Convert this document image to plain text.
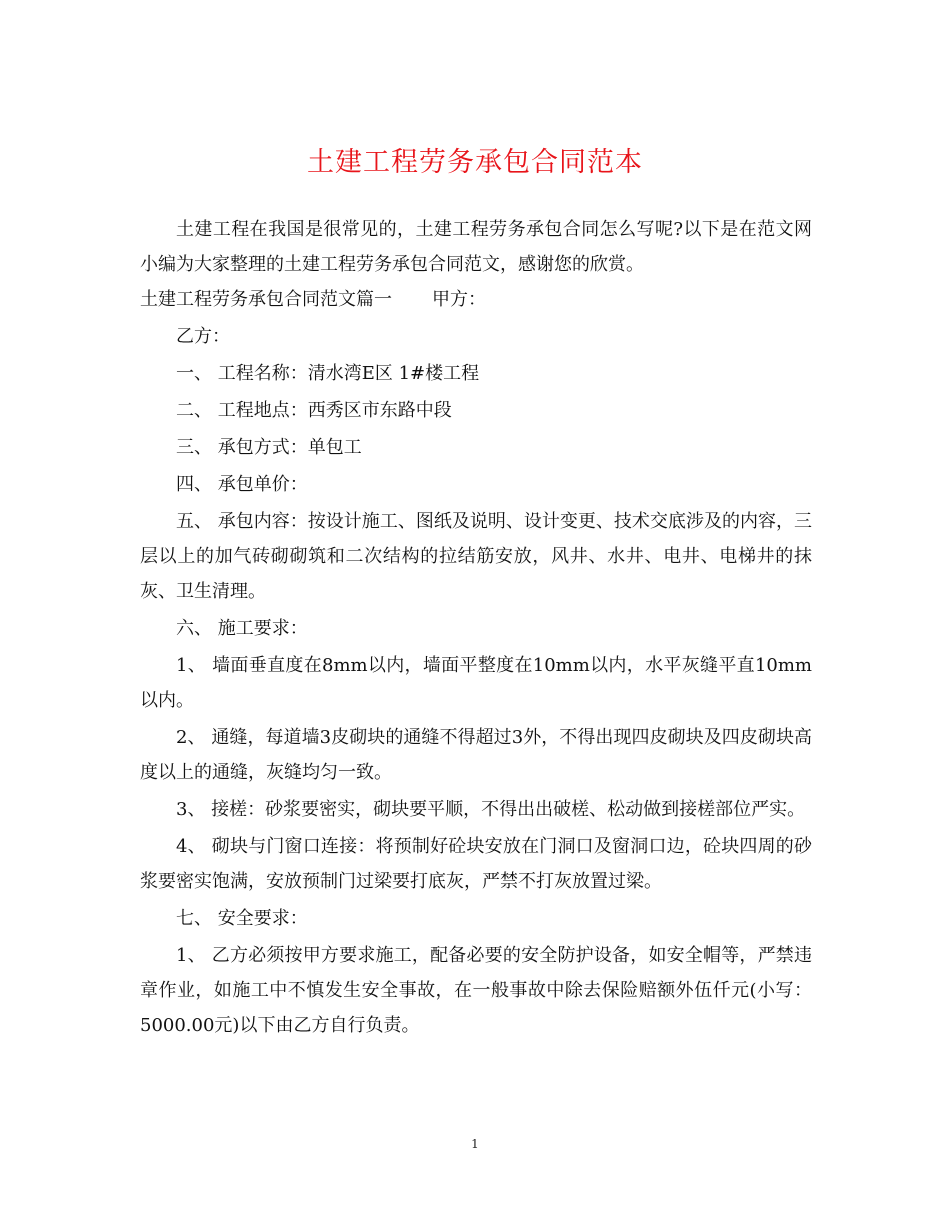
土建工程劳务承包合同范本

土建工程在我国是很常见的，土建工程劳务承包合同怎么写呢?以下是在范文网小编为大家整理的土建工程劳务承包合同范文，感谢您的欣赏。

土建工程劳务承包合同范文篇一 甲方：

乙方：

一、 工程名称：清水湾E区 1#楼工程

二、 工程地点：西秀区市东路中段

三、 承包方式：单包工

四、 承包单价：

五、 承包内容：按设计施工、图纸及说明、设计变更、技术交底涉及的内容，三层以上的加气砖砌砌筑和二次结构的拉结筋安放，风井、水井、电井、电梯井的抹灰、卫生清理。

六、 施工要求：

1、 墙面垂直度在8mm以内，墙面平整度在10mm以内，水平灰缝平直10mm以内。

2、 通缝，每道墙3皮砌块的通缝不得超过3外，不得出现四皮砌块及四皮砌块高度以上的通缝，灰缝均匀一致。

3、 接槎：砂浆要密实，砌块要平顺，不得出出破槎、松动做到接槎部位严实。

4、 砌块与门窗口连接：将预制好砼块安放在门洞口及窗洞口边，砼块四周的砂浆要密实饱满，安放预制门过梁要打底灰，严禁不打灰放置过梁。

七、 安全要求：

1、 乙方必须按甲方要求施工，配备必要的安全防护设备，如安全帽等，严禁违章作业，如施工中不慎发生安全事故，在一般事故中除去保险赔额外伍仟元(小写：5000.00元)以下由乙方自行负责。

1
